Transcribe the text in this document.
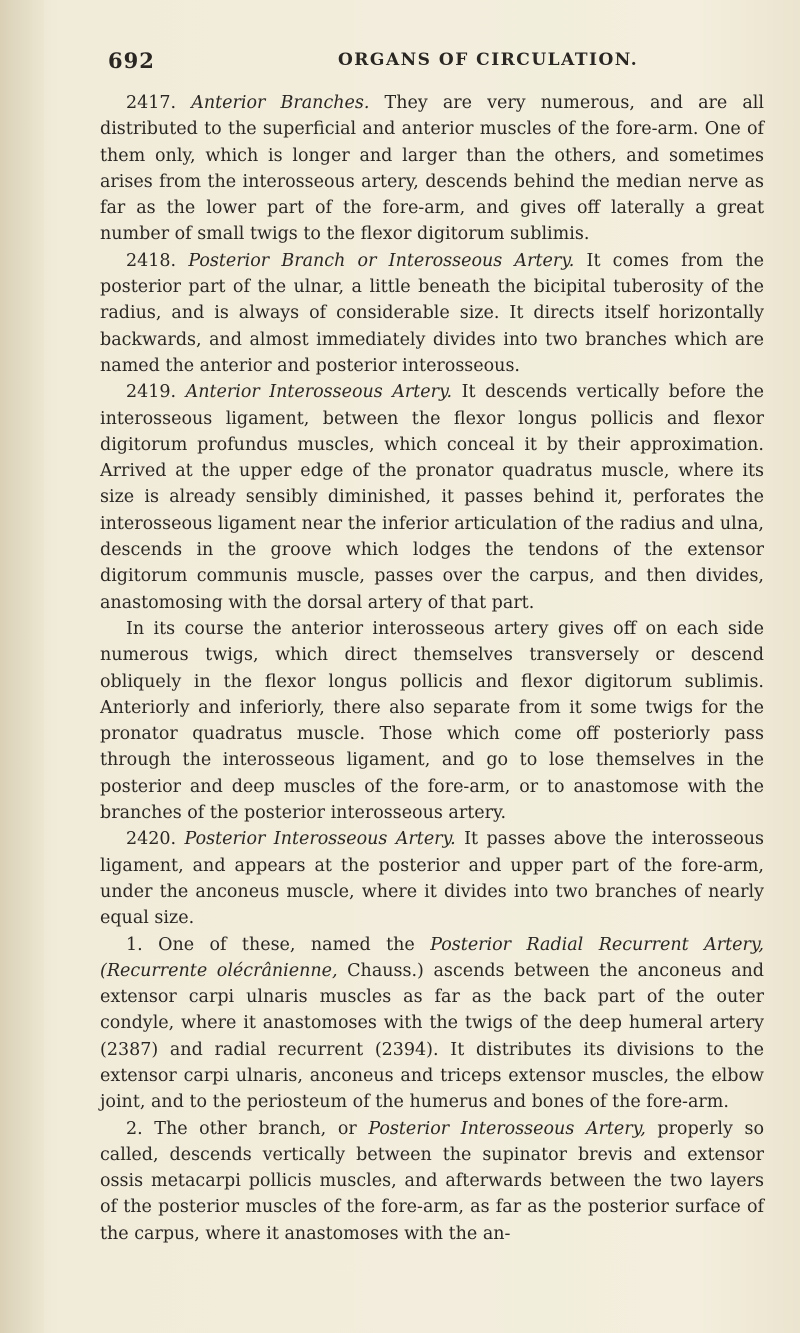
692	ORGANS OF CIRCULATION.

2417. Anterior Branches. They are very numerous, and are all distributed to the superficial and anterior muscles of the fore-arm. One of them only, which is longer and larger than the others, and sometimes arises from the interosseous artery, descends behind the median nerve as far as the lower part of the fore-arm, and gives off laterally a great number of small twigs to the flexor digitorum sublimis.

2418. Posterior Branch or Interosseous Artery. It comes from the posterior part of the ulnar, a little beneath the bicipital tuberosity of the radius, and is always of considerable size. It directs itself horizontally backwards, and almost immediately divides into two branches which are named the anterior and posterior interosseous.

2419. Anterior Interosseous Artery. It descends vertically before the interosseous ligament, between the flexor longus pollicis and flexor digitorum profundus muscles, which conceal it by their approximation. Arrived at the upper edge of the pronator quadratus muscle, where its size is already sensibly diminished, it passes behind it, perforates the interosseous ligament near the inferior articulation of the radius and ulna, descends in the groove which lodges the tendons of the extensor digitorum communis muscle, passes over the carpus, and then divides, anastomosing with the dorsal artery of that part.

In its course the anterior interosseous artery gives off on each side numerous twigs, which direct themselves transversely or descend obliquely in the flexor longus pollicis and flexor digitorum sublimis. Anteriorly and inferiorly, there also separate from it some twigs for the pronator quadratus muscle. Those which come off posteriorly pass through the interosseous ligament, and go to lose themselves in the posterior and deep muscles of the fore-arm, or to anastomose with the branches of the posterior interosseous artery.

2420. Posterior Interosseous Artery. It passes above the interosseous ligament, and appears at the posterior and upper part of the fore-arm, under the anconeus muscle, where it divides into two branches of nearly equal size.

1. One of these, named the Posterior Radial Recurrent Artery, (Recurrente olécrânienne, Chauss.) ascends between the anconeus and extensor carpi ulnaris muscles as far as the back part of the outer condyle, where it anastomoses with the twigs of the deep humeral artery (2387) and radial recurrent (2394). It distributes its divisions to the extensor carpi ulnaris, anconeus and triceps extensor muscles, the elbow joint, and to the periosteum of the humerus and bones of the fore-arm.

2. The other branch, or Posterior Interosseous Artery, properly so called, descends vertically between the supinator brevis and extensor ossis metacarpi pollicis muscles, and afterwards between the two layers of the posterior muscles of the fore-arm, as far as the posterior surface of the carpus, where it anastomoses with the an-
